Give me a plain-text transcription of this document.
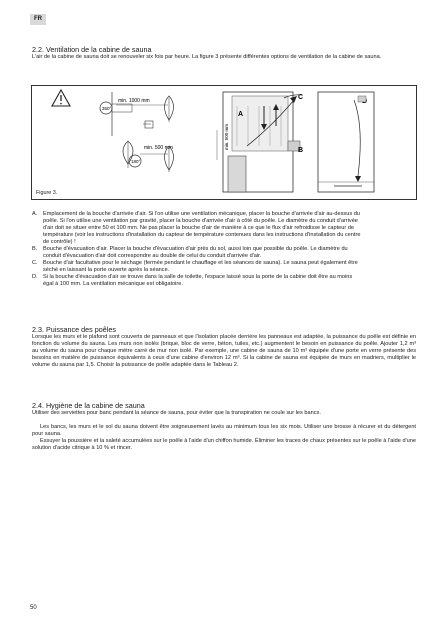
FR
2.2. Ventilation de la cabine de sauna

L'air de la cabine de sauna doit se renouveler six fois par heure. La figure 3 présente différentes options de ventilation de la cabine de sauna.

360°
min. 1000 mm
180°
min. 500 mm
A
B
C
min. 500 mm
Figure 3.
A.	Emplacement de la bouche d'arrivée d'air. Si l'on utilise une ventilation mécanique, placer la bouche d'arrivée d'air au-dessus du poêle. Si l'on utilise une ventilation par gravité, placer la bouche d'arrivée d'air à côté du poêle. Le diamètre du conduit d'arrivée d'air doit se situer entre 50 et 100 mm. Ne pas placer la bouche d'air de manière à ce que le flux d'air refroidisse le capteur de température (voir les instructions d'installation du capteur de température contenues dans les instructions d'installation du centre de contrôle) !
B.	Bouche d'évacuation d'air. Placer la bouche d'évacuation d'air près du sol, aussi loin que possible du poêle. Le diamètre du conduit d'évacuation d'air doit correspondre au double de celui du conduit d'arrivée d'air.
C. Bouche d'air facultative pour le séchage (fermée pendant le chauffage et les séances de sauna). Le sauna peut également être séché en laissant la porte ouverte après la séance.
D. Si la bouche d'évacuation d'air se trouve dans la salle de toilette, l'espace laissé sous la porte de la cabine doit être au moins égal à 100 mm. La ventilation mécanique est obligatoire.
2.3. Puissance des poêles

Lorsque les murs et le plafond sont couverts de panneaux et que l'isolation placée derrière les panneaux est adaptée, la puissance du poêle est définie en fonction du volume du sauna. Les murs non isolés (brique, bloc de verre, béton, tuiles, etc.) augmentent le besoin en puissance du poêle. Ajouter 1,2 m³ au volume du sauna pour chaque mètre carré de mur non isolé. Par exemple, une cabine de sauna de 10 m³ équipée d'une porte en verre présente des besoins en matière de puissance équivalents à ceux d'une cabine d'environ 12 m³. Si la cabine de sauna est équipée de murs en madriers, multiplier le volume du sauna par 1,5. Choisir la puissance de poêle adaptée dans le Tableau 2.

2.4. Hygiène de la cabine de sauna

Utiliser des serviettes pour banc pendant la séance de sauna, pour éviter que la transpiration ne coule sur les bancs.

Les bancs, les murs et le sol du sauna doivent être soigneusement lavés au minimum tous les six mois. Utiliser une brosse à récurer et du détergent pour sauna.

Essuyer la poussière et la saleté accumulées sur le poêle à l'aide d'un chiffon humide. Éliminer les traces de chaux présentes sur le poêle à l'aide d'une solution d'acide citrique à 10 % et rincer.

50
